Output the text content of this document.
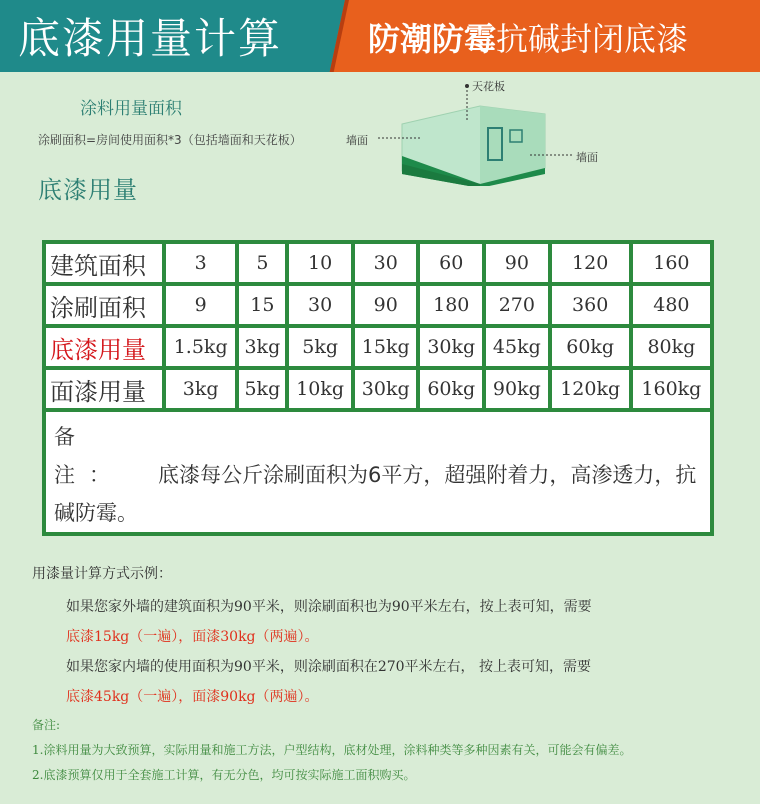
底漆用量计算	防潮防霉抗碱封闭底漆
涂料用量面积
涂刷面积=房间使用面积*3（包括墙面和天花板）
天花板
墙面
墙面
底漆用量
建筑面积	3	5	10	30	60	90	120	160
涂刷面积	9	15	30	90	180	270	360	480
底漆用量	1.5kg	3kg	5kg	15kg	30kg	45kg	60kg	80kg
面漆用量	3kg	5kg	10kg	30kg	60kg	90kg	120kg	160kg
备 注： 底漆每公斤涂刷面积为6平方，超强附着力，高渗透力，抗碱防霉。								
用漆量计算方式示例：
如果您家外墙的建筑面积为90平米，则涂刷面积也为90平米左右，按上表可知，需要
底漆15kg（一遍），面漆30kg（两遍）。
如果您家内墙的使用面积为90平米，则涂刷面积在270平米左右， 按上表可知，需要
底漆45kg（一遍），面漆90kg（两遍）。
备注:
1.涂料用量为大致预算，实际用量和施工方法，户型结构，底材处理，涂料种类等多种因素有关，可能会有偏差。
2.底漆预算仅用于全套施工计算，有无分色，均可按实际施工面积购买。
